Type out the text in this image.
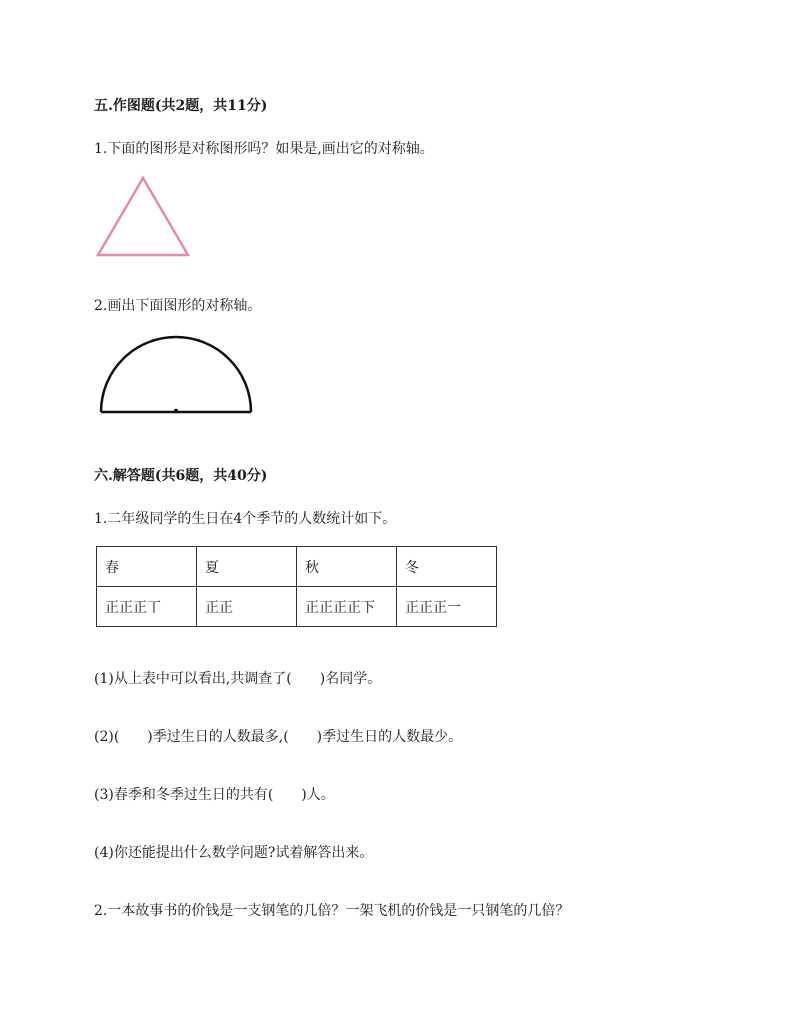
五.作图题(共2题，共11分)
1.下面的图形是对称图形吗？如果是,画出它的对称轴。
2.画出下面图形的对称轴。
六.解答题(共6题，共40分)
1.二年级同学的生日在4个季节的人数统计如下。
春	夏	秋	冬
正正正丅	正正	正正正正下	正正正一
(1)从上表中可以看出,共调查了(　　)名同学。
(2)(　　)季过生日的人数最多,(　　)季过生日的人数最少。
(3)春季和冬季过生日的共有(　　)人。
(4)你还能提出什么数学问题?试着解答出来。
2.一本故事书的价钱是一支钢笔的几倍？一架飞机的价钱是一只钢笔的几倍？
